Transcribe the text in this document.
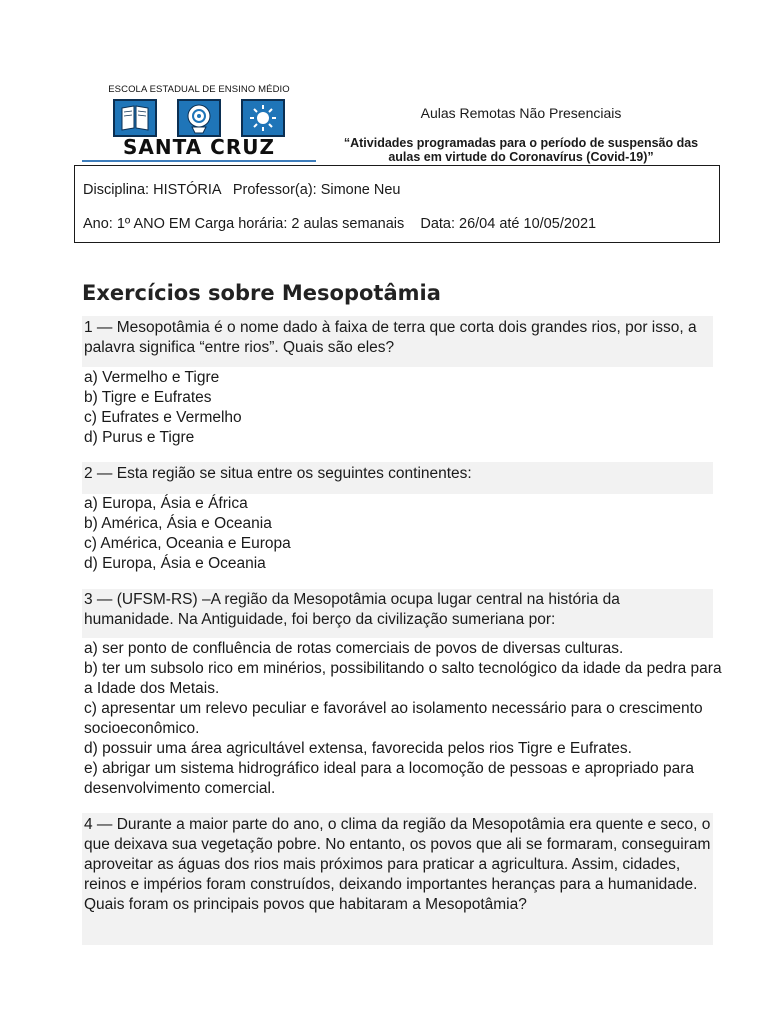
ESCOLA ESTADUAL DE ENSINO MÉDIO
SANTA CRUZ
Aulas Remotas Não Presenciais
“Atividades programadas para o período de suspensão das aulas em virtude do Coronavírus (Covid-19)”
Disciplina: HISTÓRIA   Professor(a): Simone Neu
Ano: 1º ANO EM Carga horária: 2 aulas semanais    Data: 26/04 até 10/05/2021
Exercícios sobre Mesopotâmia
1 — Mesopotâmia é o nome dado à faixa de terra que corta dois grandes rios, por isso, a palavra significa “entre rios”. Quais são eles?
a) Vermelho e Tigre
b) Tigre e Eufrates
c) Eufrates e Vermelho
d) Purus e Tigre
2 — Esta região se situa entre os seguintes continentes:
a) Europa, Ásia e África
b) América, Ásia e Oceania
c) América, Oceania e Europa
d) Europa, Ásia e Oceania
3 — (UFSM-RS) –A região da Mesopotâmia ocupa lugar central na história da humanidade. Na Antiguidade, foi berço da civilização sumeriana por:
a) ser ponto de confluência de rotas comerciais de povos de diversas culturas.
b) ter um subsolo rico em minérios, possibilitando o salto tecnológico da idade da pedra para a Idade dos Metais.
c) apresentar um relevo peculiar e favorável ao isolamento necessário para o crescimento socioeconômico.
d) possuir uma área agricultável extensa, favorecida pelos rios Tigre e Eufrates.
e) abrigar um sistema hidrográfico ideal para a locomoção de pessoas e apropriado para desenvolvimento comercial.
4 — Durante a maior parte do ano, o clima da região da Mesopotâmia era quente e seco, o que deixava sua vegetação pobre. No entanto, os povos que ali se formaram, conseguiram aproveitar as águas dos rios mais próximos para praticar a agricultura. Assim, cidades, reinos e impérios foram construídos, deixando importantes heranças para a humanidade. Quais foram os principais povos que habitaram a Mesopotâmia?
